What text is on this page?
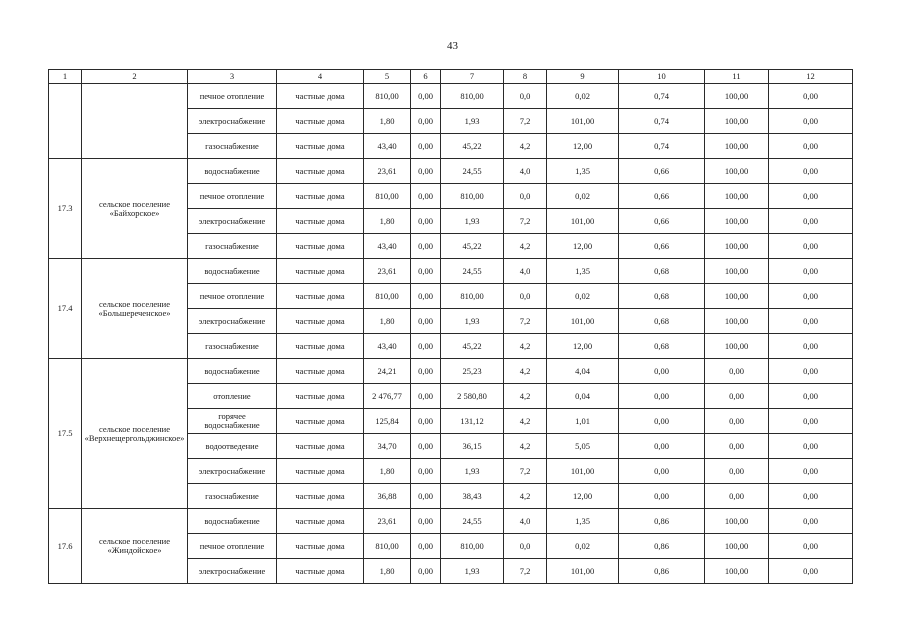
43
1	2	3	4	5	6	7	8	9	10	11	12
		печное отопление	частные дома	810,00	0,00	810,00	0,0	0,02	0,74	100,00	0,00
		электроснабжение	частные дома	1,80	0,00	1,93	7,2	101,00	0,74	100,00	0,00
		газоснабжение	частные дома	43,40	0,00	45,22	4,2	12,00	0,74	100,00	0,00
17.3	сельское поселение «Байхорское»	водоснабжение	частные дома	23,61	0,00	24,55	4,0	1,35	0,66	100,00	0,00
		печное отопление	частные дома	810,00	0,00	810,00	0,0	0,02	0,66	100,00	0,00
		электроснабжение	частные дома	1,80	0,00	1,93	7,2	101,00	0,66	100,00	0,00
		газоснабжение	частные дома	43,40	0,00	45,22	4,2	12,00	0,66	100,00	0,00
17.4	сельское поселение «Большереченское»	водоснабжение	частные дома	23,61	0,00	24,55	4,0	1,35	0,68	100,00	0,00
		печное отопление	частные дома	810,00	0,00	810,00	0,0	0,02	0,68	100,00	0,00
		электроснабжение	частные дома	1,80	0,00	1,93	7,2	101,00	0,68	100,00	0,00
		газоснабжение	частные дома	43,40	0,00	45,22	4,2	12,00	0,68	100,00	0,00
17.5	сельское поселение «Верхнещергольджинское»	водоснабжение	частные дома	24,21	0,00	25,23	4,2	4,04	0,00	0,00	0,00
		отопление	частные дома	2 476,77	0,00	2 580,80	4,2	0,04	0,00	0,00	0,00
		горячее водоснабжение	частные дома	125,84	0,00	131,12	4,2	1,01	0,00	0,00	0,00
		водоотведение	частные дома	34,70	0,00	36,15	4,2	5,05	0,00	0,00	0,00
		электроснабжение	частные дома	1,80	0,00	1,93	7,2	101,00	0,00	0,00	0,00
		газоснабжение	частные дома	36,88	0,00	38,43	4,2	12,00	0,00	0,00	0,00
17.6	сельское поселение «Жиндойское»	водоснабжение	частные дома	23,61	0,00	24,55	4,0	1,35	0,86	100,00	0,00
		печное отопление	частные дома	810,00	0,00	810,00	0,0	0,02	0,86	100,00	0,00
		электроснабжение	частные дома	1,80	0,00	1,93	7,2	101,00	0,86	100,00	0,00
